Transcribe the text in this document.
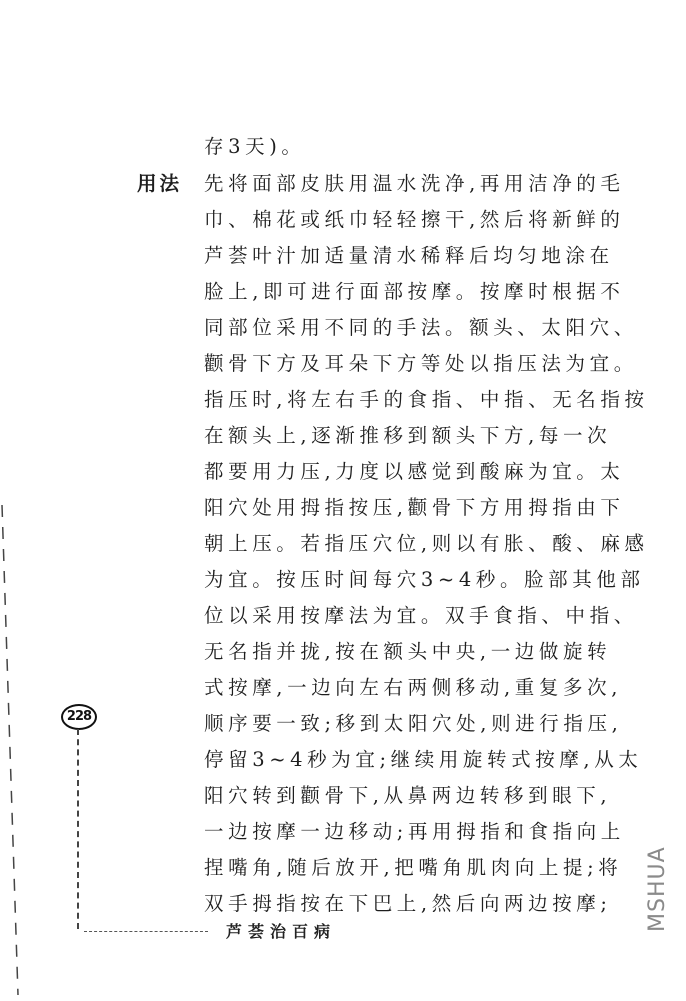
存3天)。
用法 先将面部皮肤用温水洗净,再用洁净的毛
巾、棉花或纸巾轻轻擦干,然后将新鲜的
芦荟叶汁加适量清水稀释后均匀地涂在
脸上,即可进行面部按摩。按摩时根据不
同部位采用不同的手法。额头、太阳穴、
颧骨下方及耳朵下方等处以指压法为宜。
指压时,将左右手的食指、中指、无名指按
在额头上,逐渐推移到额头下方,每一次
都要用力压,力度以感觉到酸麻为宜。太
阳穴处用拇指按压,颧骨下方用拇指由下
朝上压。若指压穴位,则以有胀、酸、麻感
为宜。按压时间每穴3~4秒。脸部其他部
位以采用按摩法为宜。双手食指、中指、
无名指并拢,按在额头中央,一边做旋转
式按摩,一边向左右两侧移动,重复多次,
顺序要一致;移到太阳穴处,则进行指压,
停留3~4秒为宜;继续用旋转式按摩,从太
阳穴转到颧骨下,从鼻两边转移到眼下,
一边按摩一边移动;再用拇指和食指向上
捏嘴角,随后放开,把嘴角肌肉向上提;将
双手拇指按在下巴上,然后向两边按摩;
228
芦荟治百病	MSHUA
